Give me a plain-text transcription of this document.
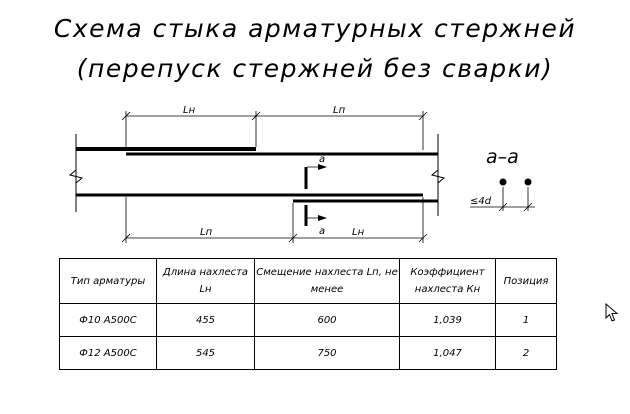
Схема стыка арматурных стержней
(перепуск стержней без сварки)
Lн	Lп
Lп	Lн
а
а
а–а
≤4d
Тип арматуры	Длина нахлеста Lн	Смещение нахлеста Lп, не менее	Коэффициент нахлеста Кн	Позиция
Ф10 А500С	455	600	1,039	1
Ф12 А500С	545	750	1,047	2
